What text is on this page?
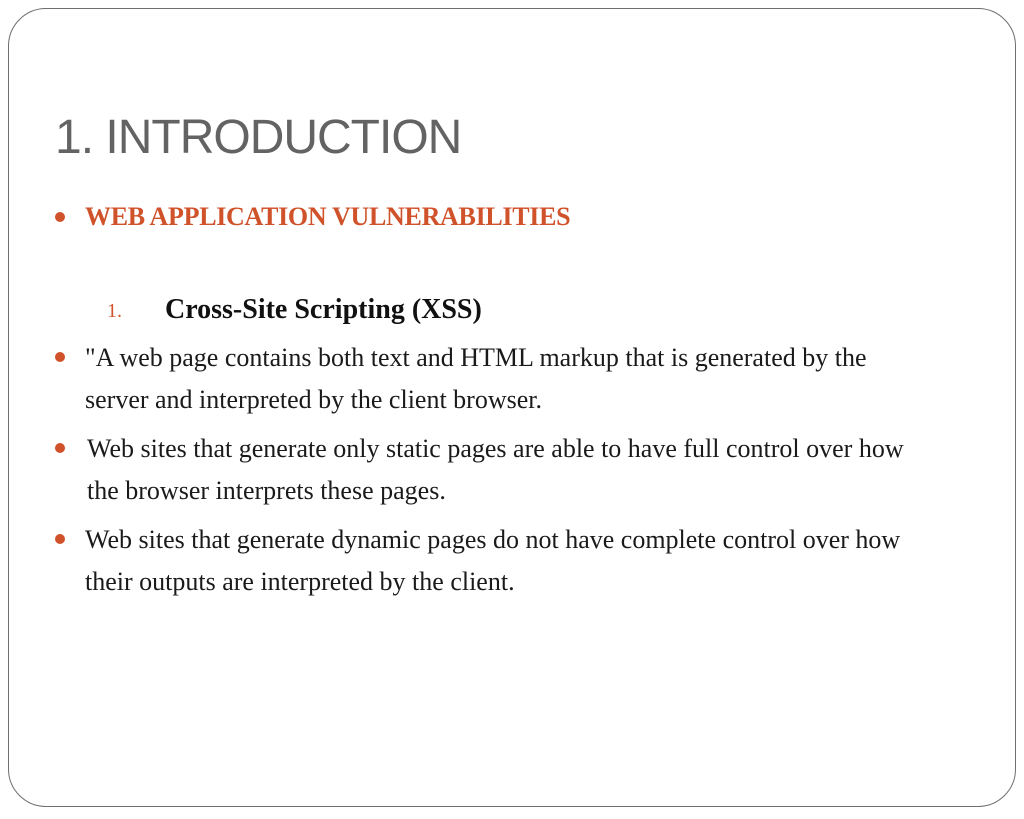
1. INTRODUCTION
WEB APPLICATION VULNERABILITIES
1. Cross-Site Scripting (XSS)
"A web page contains both text and HTML markup that is generated by the server and interpreted by the client browser.
Web sites that generate only static pages are able to have full control over how the browser interprets these pages.
Web sites that generate dynamic pages do not have complete control over how their outputs are interpreted by the client.
